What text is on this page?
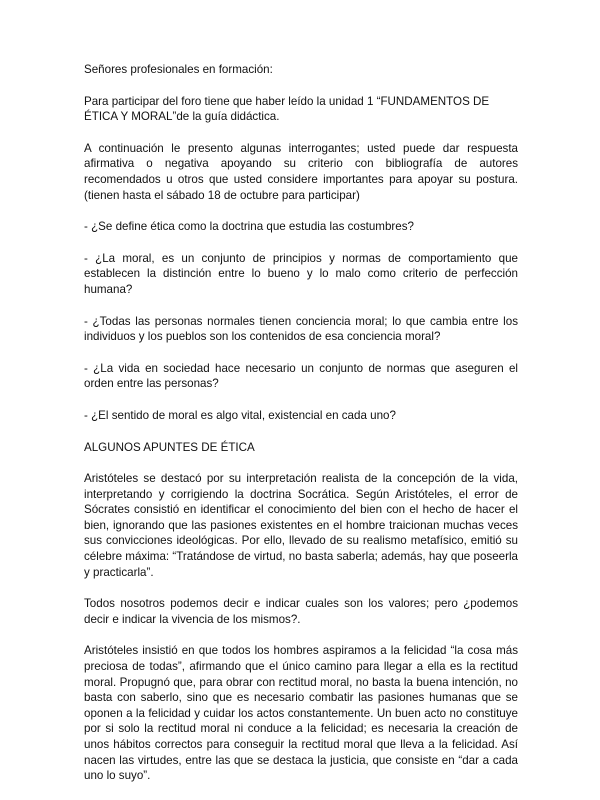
Señores profesionales en formación:

Para participar del foro tiene que haber leído la unidad 1 “FUNDAMENTOS DE ÉTICA Y MORAL”de la guía didáctica.

A continuación le presento algunas interrogantes; usted puede dar respuesta afirmativa o negativa apoyando su criterio con bibliografía de autores recomendados u otros que usted considere importantes para apoyar su postura. (tienen hasta el sábado 18 de octubre para participar)

- ¿Se define ética como la doctrina que estudia las costumbres?

- ¿La moral, es un conjunto de principios y normas de comportamiento que establecen la distinción entre lo bueno y lo malo como criterio de perfección humana?

- ¿Todas las personas normales tienen conciencia moral; lo que cambia entre los individuos y los pueblos son los contenidos de esa conciencia moral?

- ¿La vida en sociedad hace necesario un conjunto de normas que aseguren el orden entre las personas?

- ¿El sentido de moral es algo vital, existencial en cada uno?

ALGUNOS APUNTES DE ÉTICA

Aristóteles se destacó por su interpretación realista de la concepción de la vida, interpretando y corrigiendo la doctrina Socrática. Según Aristóteles, el error de Sócrates consistió en identificar el conocimiento del bien con el hecho de hacer el bien, ignorando que las pasiones existentes en el hombre traicionan muchas veces sus convicciones ideológicas. Por ello, llevado de su realismo metafísico, emitió su célebre máxima: “Tratándose de virtud, no basta saberla; además, hay que poseerla y practicarla”.

Todos nosotros podemos decir e indicar cuales son los valores; pero ¿podemos decir e indicar la vivencia de los mismos?.

Aristóteles insistió en que todos los hombres aspiramos a la felicidad “la cosa más preciosa de todas”, afirmando que el único camino para llegar a ella es la rectitud moral. Propugnó que, para obrar con rectitud moral, no basta la buena intención, no basta con saberlo, sino que es necesario combatir las pasiones humanas que se oponen a la felicidad y cuidar los actos constantemente. Un buen acto no constituye por si solo la rectitud moral ni conduce a la felicidad; es necesaria la creación de unos hábitos correctos para conseguir la rectitud moral que lleva a la felicidad. Así nacen las virtudes, entre las que se destaca la justicia, que consiste en “dar a cada uno lo suyo”.
